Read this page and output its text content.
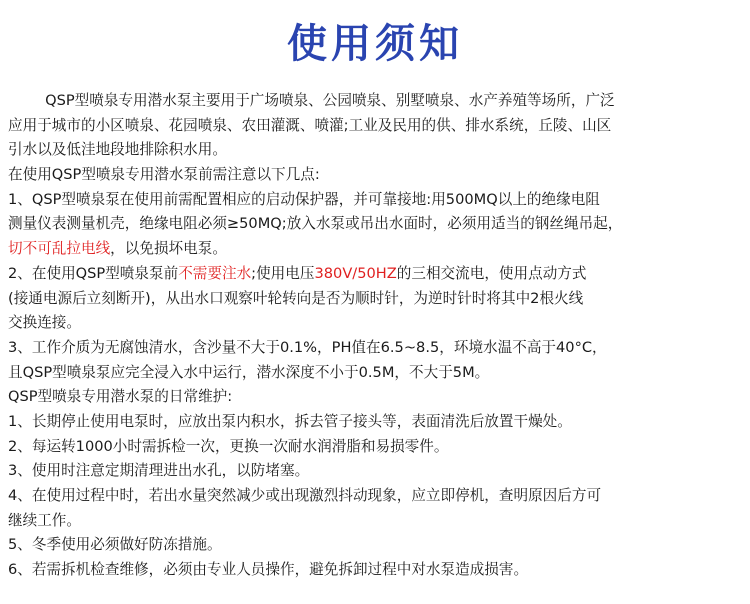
使用须知
QSP型喷泉专用潜水泵主要用于广场喷泉、公园喷泉、别墅喷泉、水产养殖等场所，广泛
应用于城市的小区喷泉、花园喷泉、农田灌溉、喷灌;工业及民用的供、排水系统，丘陵、山区
引水以及低洼地段地排除积水用。
在使用QSP型喷泉专用潜水泵前需注意以下几点:
1、QSP型喷泉泵在使用前需配置相应的启动保护器，并可靠接地:用500MQ以上的绝缘电阻
测量仪表测量机壳，绝缘电阻必须≥50MQ;放入水泵或吊出水面时，必须用适当的钢丝绳吊起，
切不可乱拉电线，以免损坏电泵。
2、在使用QSP型喷泉泵前不需要注水;使用电压380V/50HZ的三相交流电，使用点动方式
(接通电源后立刻断开)，从出水口观察叶轮转向是否为顺时针，为逆时针时将其中2根火线
交换连接。
3、工作介质为无腐蚀清水，含沙量不大于0.1%，PH值在6.5~8.5，环境水温不高于40°C，
且QSP型喷泉泵应完全浸入水中运行，潜水深度不小于0.5M，不大于5M。
QSP型喷泉专用潜水泵的日常维护:
1、长期停止使用电泵时，应放出泵内积水，拆去管子接头等，表面清洗后放置干燥处。
2、每运转1000小时需拆检一次，更换一次耐水润滑脂和易损零件。
3、使用时注意定期清理进出水孔，以防堵塞。
4、在使用过程中时，若出水量突然减少或出现激烈抖动现象，应立即停机，查明原因后方可
继续工作。
5、冬季使用必须做好防冻措施。
6、若需拆机检查维修，必须由专业人员操作，避免拆卸过程中对水泵造成损害。
